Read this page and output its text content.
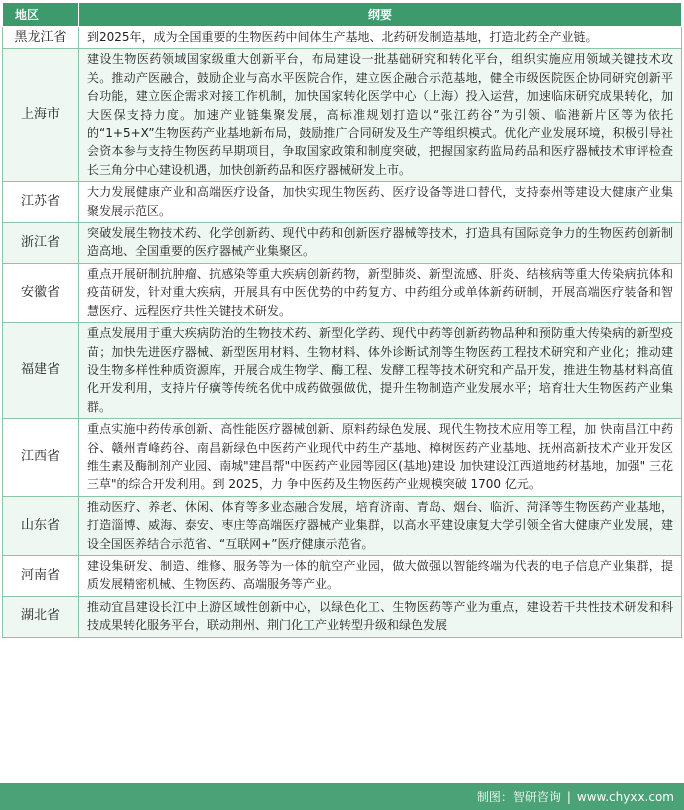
地区	纲要
黑龙江省	到2025年，成为全国重要的生物医药中间体生产基地、北药研发制造基地，打造北药全产业链。
上海市	建设生物医药领域国家级重大创新平台，布局建设一批基础研究和转化平台，组织实施应用领域关键技术攻关。推动产医融合，鼓励企业与高水平医院合作，建立医企融合示范基地，健全市级医院医企协同研究创新平台功能，建立医企需求对接工作机制，加快国家转化医学中心（上海）投入运营，加速临床研究成果转化，加大医保支持力度。加速产业链集聚发展，高标准规划打造以“张江药谷”为引领、临港新片区等为依托的“1+5+X”生物医药产业基地新布局，鼓励推广合同研发及生产等组织模式。优化产业发展环境，积极引导社会资本参与支持生物医药早期项目，争取国家政策和制度突破，把握国家药监局药品和医疗器械技术审评检查长三角分中心建设机遇，加快创新药品和医疗器械研发上市。
江苏省	大力发展健康产业和高端医疗设备，加快实现生物医药、医疗设备等进口替代，支持泰州等建设大健康产业集聚发展示范区。
浙江省	突破发展生物技术药、化学创新药、现代中药和创新医疗器械等技术，打造具有国际竞争力的生物医药创新制造高地、全国重要的医疗器械产业集聚区。
安徽省	重点开展研制抗肿瘤、抗感染等重大疾病创新药物，新型肺炎、新型流感、肝炎、结核病等重大传染病抗体和疫苗研发，针对重大疾病，开展具有中医优势的中药复方、中药组分或单体新药研制，开展高端医疗装备和智慧医疗、远程医疗共性关键技术研发。
福建省	重点发展用于重大疾病防治的生物技术药、新型化学药、现代中药等创新药物品种和预防重大传染病的新型疫苗；加快先进医疗器械、新型医用材料、生物材料、体外诊断试剂等生物医药工程技术研究和产业化；推动建设生物多样性种质资源库，开展合成生物学、酶工程、发酵工程等技术研究和产品开发，推进生物基材料高值化开发利用，支持片仔癀等传统名优中成药做强做优，提升生物制造产业发展水平；培育壮大生物医药产业集群。
江西省	重点实施中药传承创新、高性能医疗器械创新、原料药绿色发展、现代生物技术应用等工程，加 快南昌江中药谷、赣州青峰药谷、南昌新绿色中医药产业现代中药生产基地、樟树医药产业基地、抚州高新技术产业开发区维生素及酶制剂产业园、南城"建昌帮"中医药产业园等园区(基地)建设 加快建设江西道地药材基地，加强" 三花三草"的综合开发利用。到 2025，力 争中医药及生物医药产业规模突破 1700 亿元。
山东省	推动医疗、养老、休闲、体育等多业态融合发展，培育济南、青岛、烟台、临沂、菏泽等生物医药产业基地，打造淄博、威海、泰安、枣庄等高端医疗器械产业集群，以高水平建设康复大学引领全省大健康产业发展，建设全国医养结合示范省、“互联网+”医疗健康示范省。
河南省	建设集研发、制造、维修、服务等为一体的航空产业园，做大做强以智能终端为代表的电子信息产业集群，提质发展精密机械、生物医药、高端服务等产业。
湖北省	推动宜昌建设长江中上游区域性创新中心，以绿色化工、生物医药等产业为重点，建设若干共性技术研发和科技成果转化服务平台，联动荆州、荆门化工产业转型升级和绿色发展
制图：智研咨询 | www.chyxx.com
